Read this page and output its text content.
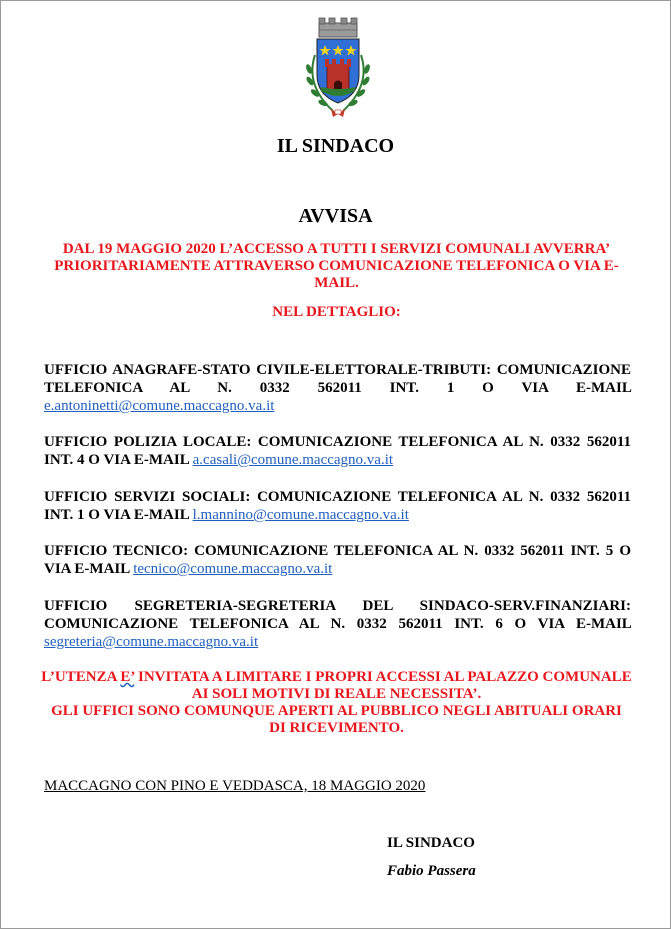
IL SINDACO
AVVISA

DAL 19 MAGGIO 2020 L’ACCESSO A TUTTI I SERVIZI COMUNALI AVVERRA’ PRIORITARIAMENTE ATTRAVERSO COMUNICAZIONE TELEFONICA O VIA E-MAIL.

NEL DETTAGLIO:

UFFICIO ANAGRAFE-STATO CIVILE-ELETTORALE-TRIBUTI: COMUNICAZIONE TELEFONICA AL N. 0332 562011 INT. 1 O VIA E-MAIL e.antoninetti@comune.maccagno.va.it

UFFICIO POLIZIA LOCALE: COMUNICAZIONE TELEFONICA AL N. 0332 562011 INT. 4 O VIA E-MAIL a.casali@comune.maccagno.va.it

UFFICIO SERVIZI SOCIALI: COMUNICAZIONE TELEFONICA AL N. 0332 562011 INT. 1 O VIA E-MAIL l.mannino@comune.maccagno.va.it

UFFICIO TECNICO: COMUNICAZIONE TELEFONICA AL N. 0332 562011 INT. 5 O VIA E-MAIL tecnico@comune.maccagno.va.it

UFFICIO SEGRETERIA-SEGRETERIA DEL SINDACO-SERV.FINANZIARI: COMUNICAZIONE TELEFONICA AL N. 0332 562011 INT. 6 O VIA E-MAIL segreteria@comune.maccagno.va.it

L’UTENZA E’ INVITATA A LIMITARE I PROPRI ACCESSI AL PALAZZO COMUNALE AI SOLI MOTIVI DI REALE NECESSITA’.
GLI UFFICI SONO COMUNQUE APERTI AL PUBBLICO NEGLI ABITUALI ORARI DI RICEVIMENTO.

MACCAGNO CON PINO E VEDDASCA, 18 MAGGIO 2020

IL SINDACO

Fabio Passera
